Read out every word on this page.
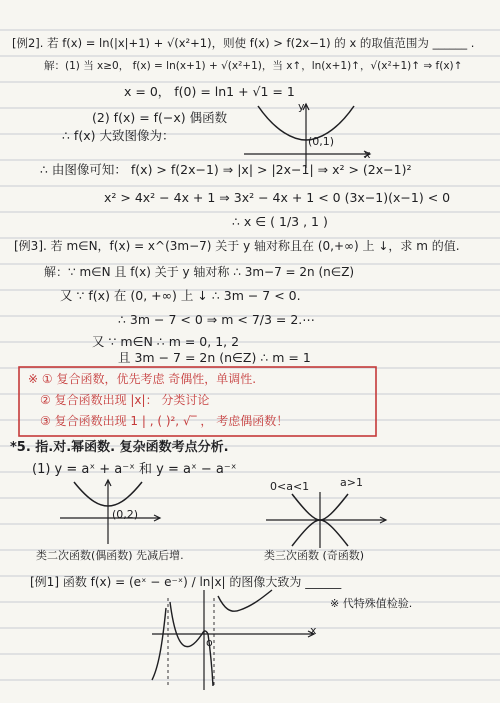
[例2]. 若 f(x) = ln(|x|+1) + √(x²+1)，则使 f(x) > f(2x−1) 的 x 的取值范围为 ______ .
解：(1) 当 x≥0， f(x) = ln(x+1) + √(x²+1)，当 x↑，ln(x+1)↑，√(x²+1)↑ ⇒ f(x)↑
x = 0， f(0) = ln1 + √1 = 1
(2) f(x) = f(−x) 偶函数
∴ f(x) 大致图像为：	(0,1)
x
y
∴ 由图像可知： f(x) > f(2x−1) ⇒ |x| > |2x−1| ⇒ x² > (2x−1)²
x² > 4x² − 4x + 1 ⇒ 3x² − 4x + 1 < 0 (3x−1)(x−1) < 0
∴ x ∈ ( 1/3 , 1 )
[例3]. 若 m∈N，f(x) = x^(3m−7) 关于 y 轴对称且在 (0,+∞) 上 ↓，求 m 的值.
解：∵ m∈N 且 f(x) 关于 y 轴对称 ∴ 3m−7 = 2n (n∈Z)
又 ∵ f(x) 在 (0, +∞) 上 ↓ ∴ 3m − 7 < 0.
∴ 3m − 7 < 0 ⇒ m < 7/3 = 2.⋯
又 ∵ m∈N ∴ m = 0, 1, 2
且 3m − 7 = 2n (n∈Z) ∴ m = 1
※ ① 复合函数，优先考虑 奇偶性，单调性.
② 复合函数出现 |x|： 分类讨论
③ 复合函数出现 1 | , ( )², √‾ ， 考虑偶函数！
*5. 指.对.幂函数. 复杂函数考点分析.
(1) y = aˣ + a⁻ˣ 和 y = aˣ − a⁻ˣ
(0,2)
0<a<1	a>1
类二次函数(偶函数) 先减后增.	类三次函数 (奇函数)
[例1] 函数 f(x) = (eˣ − e⁻ˣ) / ln|x| 的图像大致为 ______
※ 代特殊值检验.
x
o
